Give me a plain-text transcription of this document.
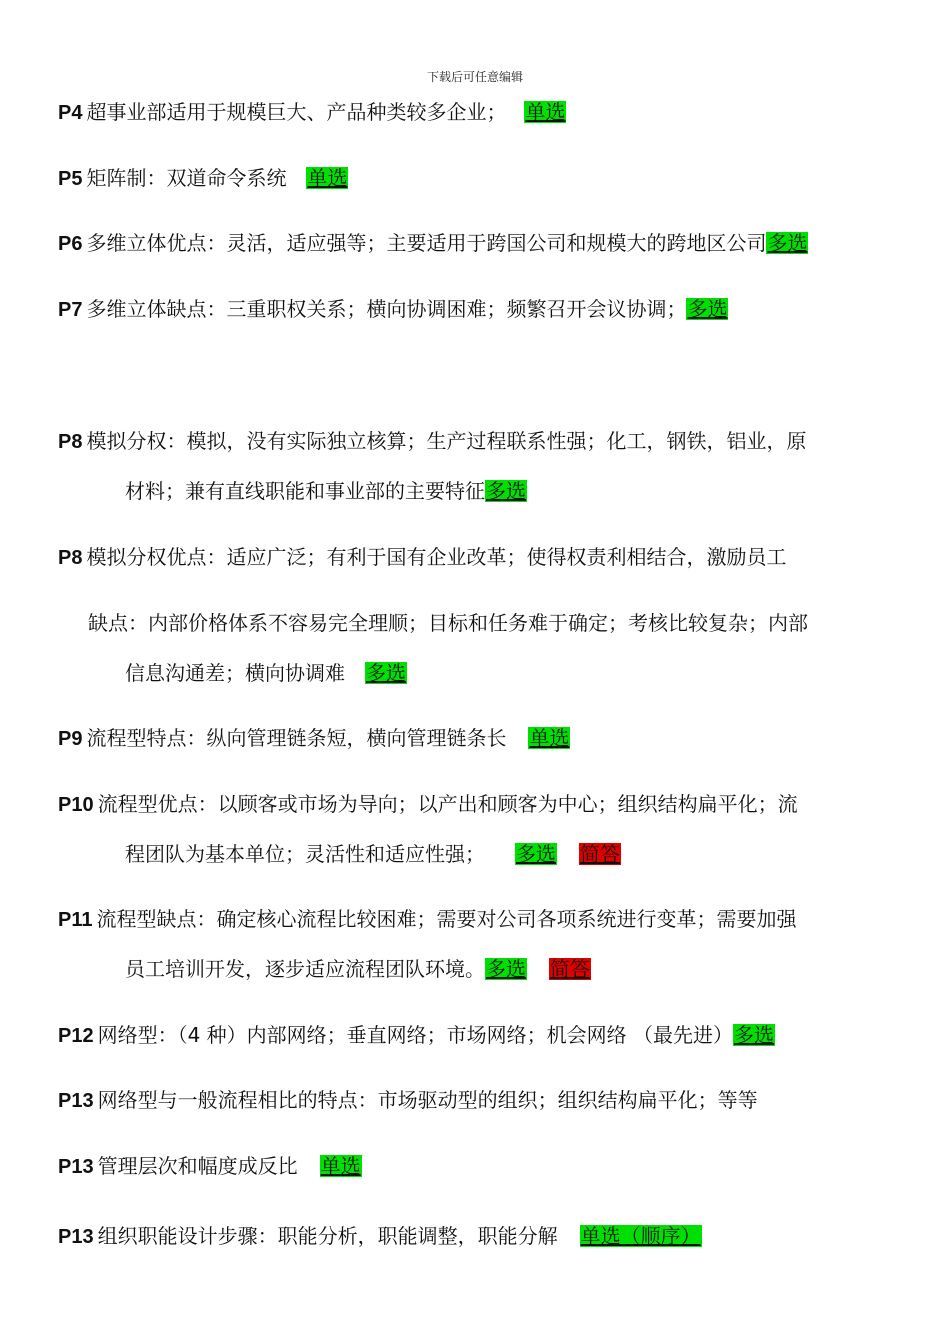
下载后可任意编辑
P4 超事业部适用于规模巨大、产品种类较多企业； 单选
P5 矩阵制：双道命令系统 单选
P6 多维立体优点：灵活，适应强等；主要适用于跨国公司和规模大的跨地区公司多选
P7 多维立体缺点：三重职权关系；横向协调困难；频繁召开会议协调；多选
P8 模拟分权：模拟，没有实际独立核算；生产过程联系性强；化工，钢铁，铝业，原
材料；兼有直线职能和事业部的主要特征多选
P8 模拟分权优点：适应广泛；有利于国有企业改革；使得权责利相结合，激励员工
缺点：内部价格体系不容易完全理顺；目标和任务难于确定；考核比较复杂；内部
信息沟通差；横向协调难 多选
P9 流程型特点：纵向管理链条短，横向管理链条长 单选
P10 流程型优点：以顾客或市场为导向；以产出和顾客为中心；组织结构扁平化；流
程团队为基本单位；灵活性和适应性强； 多选 简答
P11 流程型缺点：确定核心流程比较困难；需要对公司各项系统进行变革；需要加强
员工培训开发，逐步适应流程团队环境。多选 简答
P12 网络型：（4 种）内部网络；垂直网络；市场网络；机会网络 （最先进）多选
P13 网络型与一般流程相比的特点：市场驱动型的组织；组织结构扁平化；等等
P13 管理层次和幅度成反比 单选
P13 组织职能设计步骤：职能分析，职能调整，职能分解 单选（顺序）
